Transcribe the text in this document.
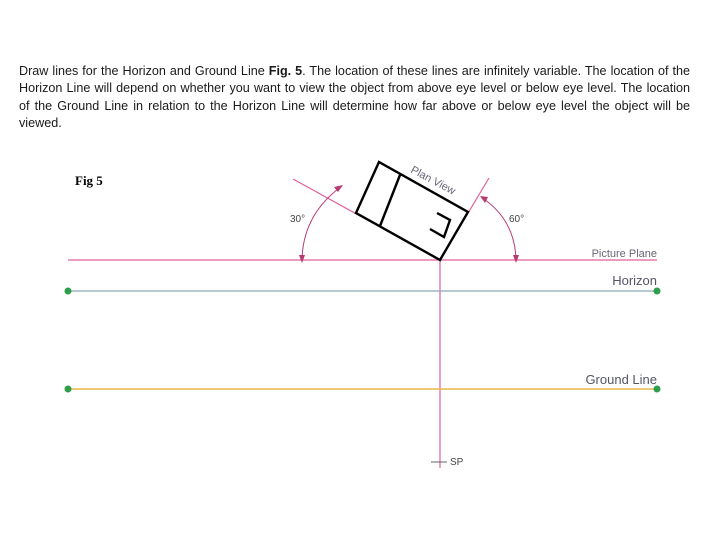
Draw lines for the Horizon and Ground Line Fig. 5. The location of these lines are infinitely variable. The location of the Horizon Line will depend on whether you want to view the object from above eye level or below eye level. The location of the Ground Line in relation to the Horizon Line will determine how far above or below eye level the object will be viewed.

Fig 5	Plan View
30°	60°
Picture Plane
Horizon
Ground Line
SP
